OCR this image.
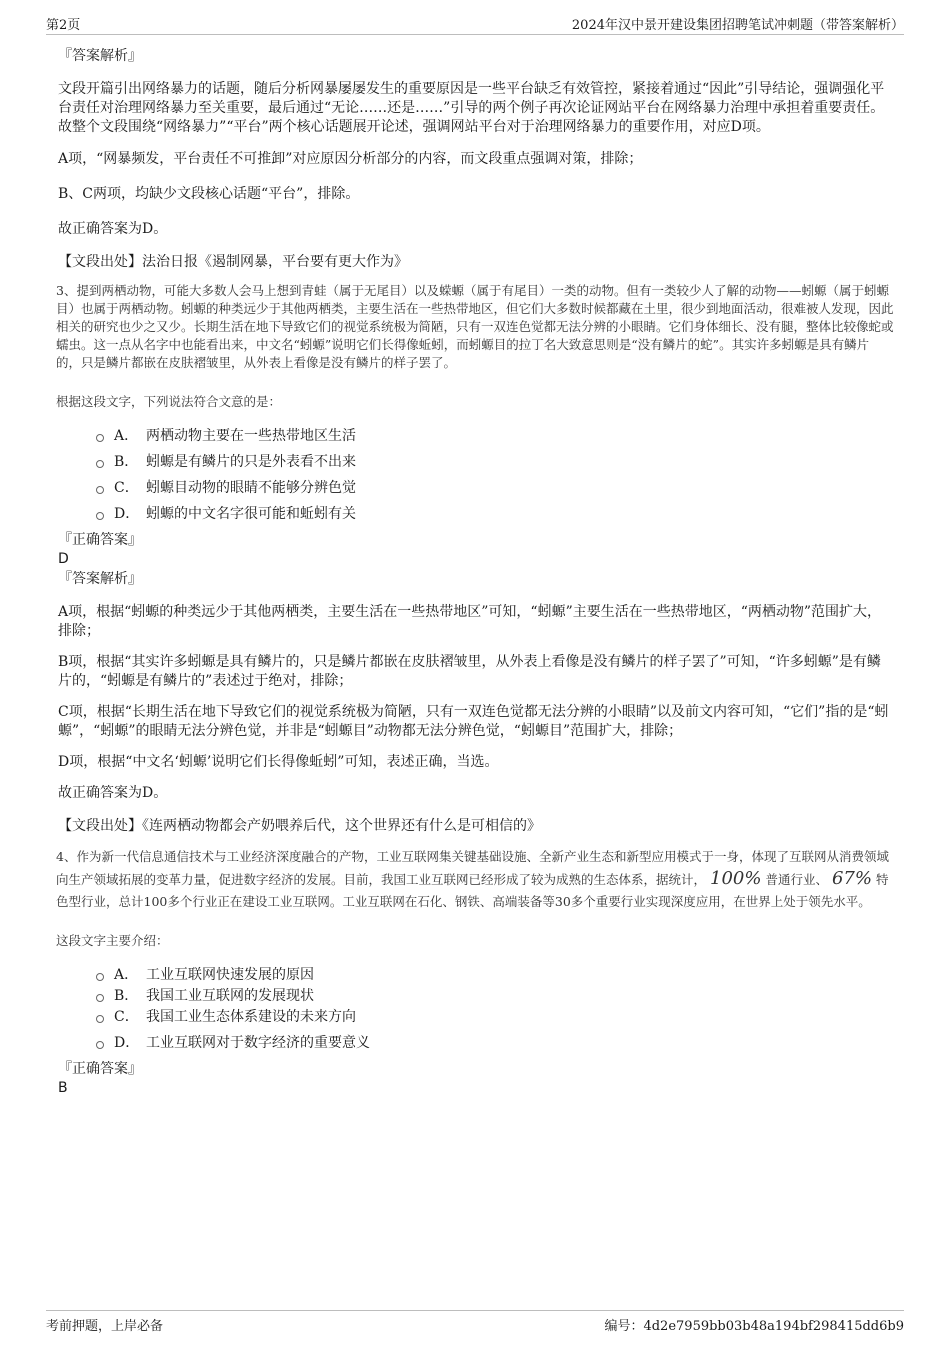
第2页	2024年汉中景开建设集团招聘笔试冲刺题（带答案解析）
『答案解析』
文段开篇引出网络暴力的话题，随后分析网暴屡屡发生的重要原因是一些平台缺乏有效管控，紧接着通过“因此”引导结论，强调强化平台责任对治理网络暴力至关重要，最后通过“无论……还是……”引导的两个例子再次论证网站平台在网络暴力治理中承担着重要责任。故整个文段围绕“网络暴力”“平台”两个核心话题展开论述，强调网站平台对于治理网络暴力的重要作用，对应D项。
A项，“网暴频发，平台责任不可推卸”对应原因分析部分的内容，而文段重点强调对策，排除；
B、C两项，均缺少文段核心话题“平台”，排除。
故正确答案为D。
【文段出处】法治日报《遏制网暴，平台要有更大作为》
3、提到两栖动物，可能大多数人会马上想到青蛙（属于无尾目）以及蝾螈（属于有尾目）一类的动物。但有一类较少人了解的动物——蚓螈（属于蚓螈目）也属于两栖动物。蚓螈的种类远少于其他两栖类，主要生活在一些热带地区，但它们大多数时候都藏在土里，很少到地面活动，很难被人发现，因此相关的研究也少之又少。长期生活在地下导致它们的视觉系统极为简陋，只有一双连色觉都无法分辨的小眼睛。它们身体细长、没有腿，整体比较像蛇或蠕虫。这一点从名字中也能看出来，中文名“蚓螈”说明它们长得像蚯蚓，而蚓螈目的拉丁名大致意思则是“没有鳞片的蛇”。其实许多蚓螈是具有鳞片的，只是鳞片都嵌在皮肤褶皱里，从外表上看像是没有鳞片的样子罢了。
根据这段文字，下列说法符合文意的是：
A． 两栖动物主要在一些热带地区生活
B． 蚓螈是有鳞片的只是外表看不出来
C． 蚓螈目动物的眼睛不能够分辨色觉
D． 蚓螈的中文名字很可能和蚯蚓有关
『正确答案』
D
『答案解析』
A项，根据“蚓螈的种类远少于其他两栖类，主要生活在一些热带地区”可知，“蚓螈”主要生活在一些热带地区，“两栖动物”范围扩大，排除；
B项，根据“其实许多蚓螈是具有鳞片的，只是鳞片都嵌在皮肤褶皱里，从外表上看像是没有鳞片的样子罢了”可知，“许多蚓螈”是有鳞片的，“蚓螈是有鳞片的”表述过于绝对，排除；
C项，根据“长期生活在地下导致它们的视觉系统极为简陋，只有一双连色觉都无法分辨的小眼睛”以及前文内容可知，“它们”指的是“蚓螈”，“蚓螈”的眼睛无法分辨色觉，并非是“蚓螈目”动物都无法分辨色觉，“蚓螈目”范围扩大，排除；
D项，根据“中文名‘蚓螈’说明它们长得像蚯蚓”可知，表述正确，当选。
故正确答案为D。
【文段出处】《连两栖动物都会产奶喂养后代，这个世界还有什么是可相信的》
4、作为新一代信息通信技术与工业经济深度融合的产物，工业互联网集关键基础设施、全新产业生态和新型应用模式于一身，体现了互联网从消费领域向生产领域拓展的变革力量，促进数字经济的发展。目前，我国工业互联网已经形成了较为成熟的生态体系，据统计， 100% 普通行业、 67% 特色型行业，总计100多个行业正在建设工业互联网。工业互联网在石化、钢铁、高端装备等30多个重要行业实现深度应用，在世界上处于领先水平。
这段文字主要介绍：
A． 工业互联网快速发展的原因
B． 我国工业互联网的发展现状
C． 我国工业生态体系建设的未来方向
D． 工业互联网对于数字经济的重要意义
『正确答案』
B
考前押题，上岸必备	编号：4d2e7959bb03b48a194bf298415dd6b9
